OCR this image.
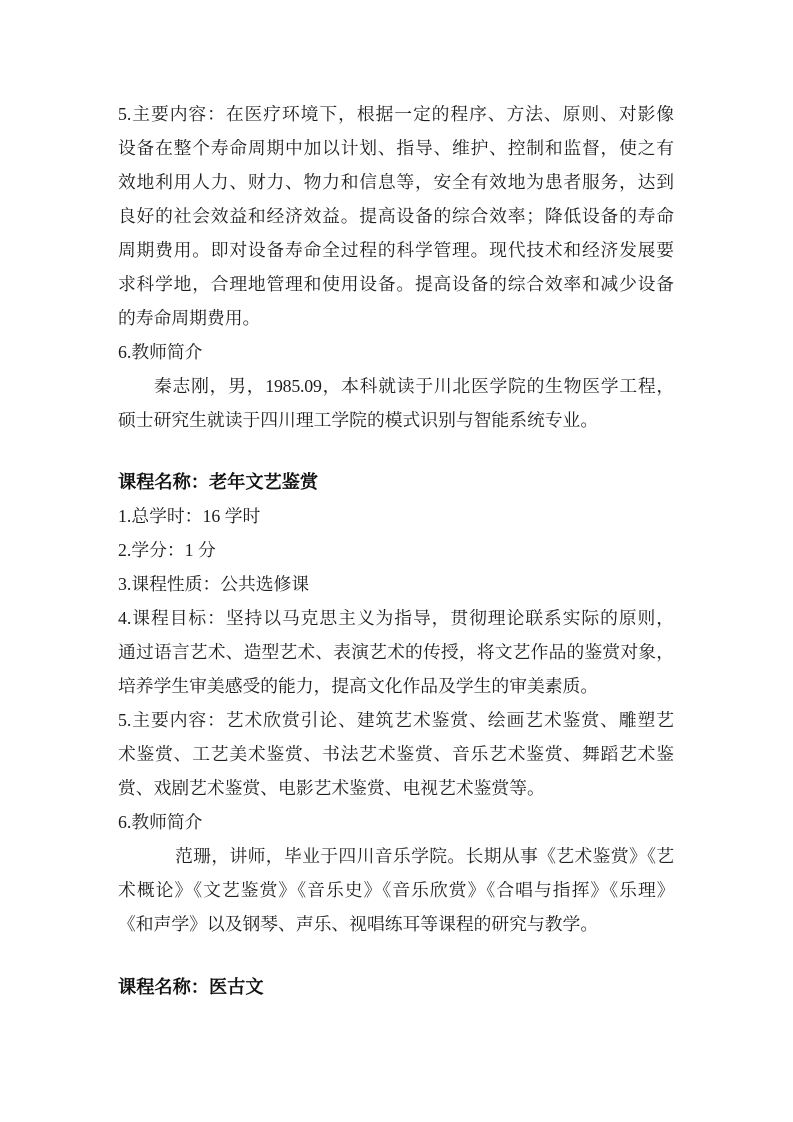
5.主要内容：在医疗环境下，根据一定的程序、方法、原则、对影像
设备在整个寿命周期中加以计划、指导、维护、控制和监督，使之有
效地利用人力、财力、物力和信息等，安全有效地为患者服务，达到
良好的社会效益和经济效益。提高设备的综合效率；降低设备的寿命
周期费用。即对设备寿命全过程的科学管理。现代技术和经济发展要
求科学地，合理地管理和使用设备。提高设备的综合效率和减少设备
的寿命周期费用。
6.教师简介
秦志刚，男，1985.09，本科就读于川北医学院的生物医学工程，
硕士研究生就读于四川理工学院的模式识别与智能系统专业。
课程名称：老年文艺鉴赏
1.总学时：16 学时
2.学分：1 分
3.课程性质：公共选修课
4.课程目标：坚持以马克思主义为指导，贯彻理论联系实际的原则，
通过语言艺术、造型艺术、表演艺术的传授，将文艺作品的鉴赏对象，
培养学生审美感受的能力，提高文化作品及学生的审美素质。
5.主要内容：艺术欣赏引论、建筑艺术鉴赏、绘画艺术鉴赏、雕塑艺
术鉴赏、工艺美术鉴赏、书法艺术鉴赏、音乐艺术鉴赏、舞蹈艺术鉴
赏、戏剧艺术鉴赏、电影艺术鉴赏、电视艺术鉴赏等。
6.教师简介
范珊，讲师，毕业于四川音乐学院。长期从事《艺术鉴赏》《艺
术概论》《文艺鉴赏》《音乐史》《音乐欣赏》《合唱与指挥》《乐理》
《和声学》以及钢琴、声乐、视唱练耳等课程的研究与教学。
课程名称：医古文
